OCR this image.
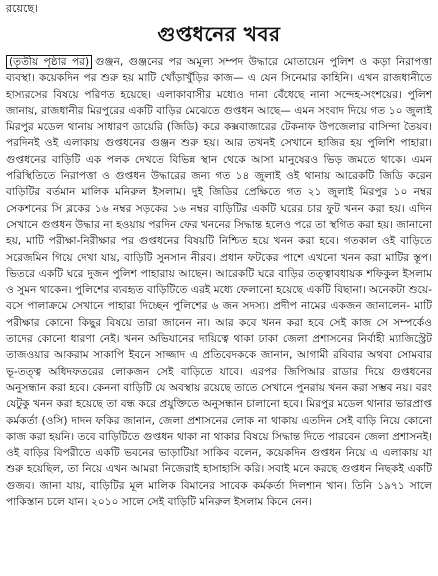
রয়েছে।
গুপ্তধনের খবর
(তৃতীয় পৃষ্ঠার পর) গুঞ্জন, গুঞ্জনের পর অমূল্য সম্পদ উদ্ধারে মোতায়েন পুলিশ ও কড়া নিরাপত্তা ব্যবস্থা। কয়েকদিন পর শুরু হয় মাটি খোঁড়াখুঁড়ির কাজ— এ যেন সিনেমার কাহিনি। এখন রাজধানীতে হাস্যরসের বিষয়ে পরিণত হয়েছে। এলাকাবাসীর মধ্যেও দানা বেঁধেছে নানা সন্দেহ-সংশয়ের। পুলিশ জানায়, রাজধানীর মিরপুরের একটি বাড়ির মেঝেতে গুপ্তধন আছে— এমন সংবাদ দিয়ে গত ১০ জুলাই মিরপুর মডেল থানায় সাধারণ ডায়েরি (জিডি) করে কক্সবাজারের টেকনাফ উপজেলার বাসিন্দা তৈয়ব। পরদিনই ওই এলাকায় গুপ্তধনের গুঞ্জন শুরু হয়। আর তখনই সেখানে হাজির হয় পুলিশি পাহারা। গুপ্তধনের বাড়িটি এক পলক দেখতে বিভিন্ন স্থান থেকে আসা মানুষেরও ভিড় জমতে থাকে। এমন পরিস্থিতিতে নিরাপত্তা ও গুপ্তধন উদ্ধারের জন্য গত ১৪ জুলাই ওই থানায় আরেকটি জিডি করেন বাড়িটির বর্তমান মালিক মনিরুল ইসলাম। দুই জিডির প্রেক্ষিতে গত ২১ জুলাই মিরপুর ১০ নম্বর সেকশনের সি ব্লকের ১৬ নম্বর সড়কের ১৬ নম্বর বাড়িটির একটি ঘরের চার ফুট খনন করা হয়। এদিন সেখানে গুপ্তধন উদ্ধার না হওয়ায় পরদিন ফের খননের সিদ্ধান্ত হলেও পরে তা স্থগিত করা হয়। জানানো হয়, মাটি পরীক্ষা-নিরীক্ষার পর গুপ্তধনের বিষয়টি নিশ্চিত হয়ে খনন করা হবে। গতকাল ওই বাড়িতে সরেজমিন গিয়ে দেখা যায়, বাড়িটি সুনসান নীরব। প্রধান ফটকের পাশে এখনো খনন করা মাটির স্তূপ। ভিতরে একটি ঘরে দুজন পুলিশ পাহারায় আছেন। আরেকটি ঘরে বাড়ির তত্ত্বাবধায়ক শফিকুল ইসলাম ও সুমন থাকেন। পুলিশের ব্যবহৃত বাড়িটিতে এরই মধ্যে ফেলানো হয়েছে একটি বিছানা। অনেকটা শুয়ে-বসে পালাক্রমে সেখানে পাহারা দিচ্ছেন পুলিশের ৬ জন সদস্য। প্রদীপ নামের একজন জানালেন- মাটি পরীক্ষার কোনো কিছুর বিষয়ে তারা জানেন না। আর কবে খনন করা হবে সেই কাজ সে সম্পর্কেও তাদের কোনো ধারণা নেই। খনন অভিযানের দায়িত্বে থাকা ঢাকা জেলা প্রশাসনের নির্বাহী ম্যাজিস্ট্রেট তাজওয়ার আকরাম সাকাপি ইবনে সাজ্জাদ এ প্রতিবেদককে জানান, আগামী রবিবার অথবা সোমবার ভূ-তত্ত্ব অধিদফতরের লোকজন সেই বাড়িতে যাবে। এরপর জিপিআর রাডার দিয়ে গুপ্তধনের অনুসন্ধান করা হবে। কেননা বাড়িটি যে অবস্থায় রয়েছে তাতে সেখানে পুনরায় খনন করা সম্ভব নয়। বরং যেটুকু খনন করা হয়েছে তা বন্ধ করে প্রযুক্তিতে অনুসন্ধান চালানো হবে। মিরপুর মডেল থানার ভারপ্রাপ্ত কর্মকর্তা (ওসি) দাদন ফকির জানান, জেলা প্রশাসনের লোক না থাকায় এতদিন সেই বাড়ি নিয়ে কোনো কাজ করা হয়নি। তবে বাড়িটিতে গুপ্তধন থাকা না থাকার বিষয়ে সিদ্ধান্ত দিতে পারবেন জেলা প্রশাসনই। ওই বাড়ির বিপরীতে একটি ভবনের ভাড়াটিয়া সাকিব বলেন, কয়েকদিন গুপ্তধন নিয়ে এ এলাকায় যা শুরু হয়েছিল, তা নিয়ে এখন আমরা নিজেরাই হাসাহাসি করি। সবাই মনে করছে গুপ্তধন নিছকই একটি গুজব। জানা যায়, বাড়িটির মূল মালিক বিমানের সাবেক কর্মকর্তা দিলশান খান। তিনি ১৯৭১ সালে পাকিস্তান চলে যান। ২০১০ সালে সেই বাড়িটি মনিরুল ইসলাম কিনে নেন।
